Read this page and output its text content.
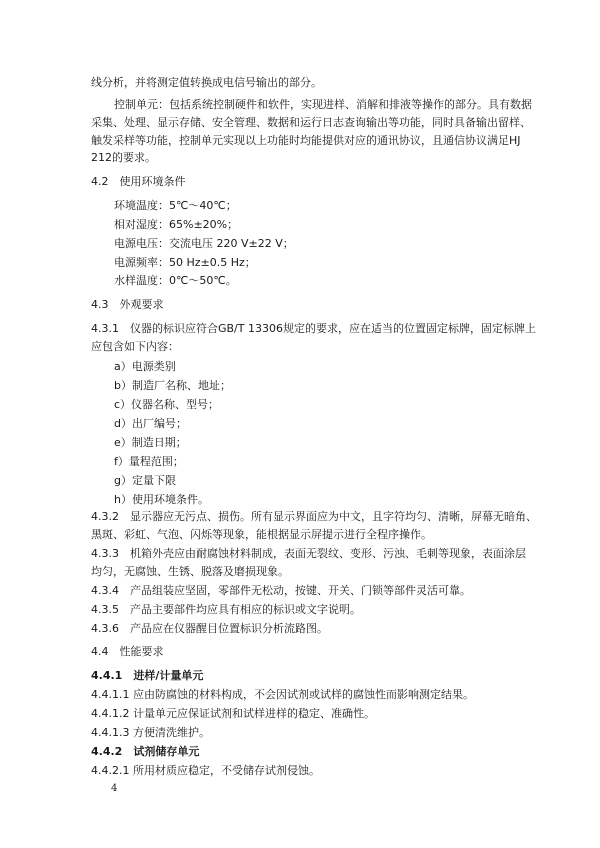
线分析，并将测定值转换成电信号输出的部分。
控制单元：包括系统控制硬件和软件，实现进样、消解和排液等操作的部分。具有数据
采集、处理、显示存储、安全管理、数据和运行日志查询输出等功能，同时具备输出留样、
触发采样等功能，控制单元实现以上功能时均能提供对应的通讯协议，且通信协议满足HJ
212的要求。
4.2　使用环境条件
环境温度：5℃～40℃；
相对湿度：65%±20%；
电源电压：交流电压 220 V±22 V；
电源频率：50 Hz±0.5 Hz；
水样温度：0℃～50℃。
4.3　外观要求
4.3.1　仪器的标识应符合GB/T 13306规定的要求，应在适当的位置固定标牌，固定标牌上
应包含如下内容：
a）电源类别
b）制造厂名称、地址；
c）仪器名称、型号；
d）出厂编号；
e）制造日期；
f）量程范围；
g）定量下限
h）使用环境条件。
4.3.2　显示器应无污点、损伤。所有显示界面应为中文，且字符均匀、清晰，屏幕无暗角、
黑斑、彩虹、气泡、闪烁等现象，能根据显示屏提示进行全程序操作。
4.3.3　机箱外壳应由耐腐蚀材料制成，表面无裂纹、变形、污浊、毛刺等现象，表面涂层
均匀，无腐蚀、生锈、脱落及磨损现象。
4.3.4　产品组装应坚固，零部件无松动，按键、开关、门锁等部件灵活可靠。
4.3.5　产品主要部件均应具有相应的标识或文字说明。
4.3.6　产品应在仪器醒目位置标识分析流路图。
4.4　性能要求
4.4.1　进样/计量单元
4.4.1.1 应由防腐蚀的材料构成，不会因试剂或试样的腐蚀性而影响测定结果。
4.4.1.2 计量单元应保证试剂和试样进样的稳定、准确性。
4.4.1.3 方便清洗维护。
4.4.2　试剂储存单元
4.4.2.1 所用材质应稳定，不受储存试剂侵蚀。
4
